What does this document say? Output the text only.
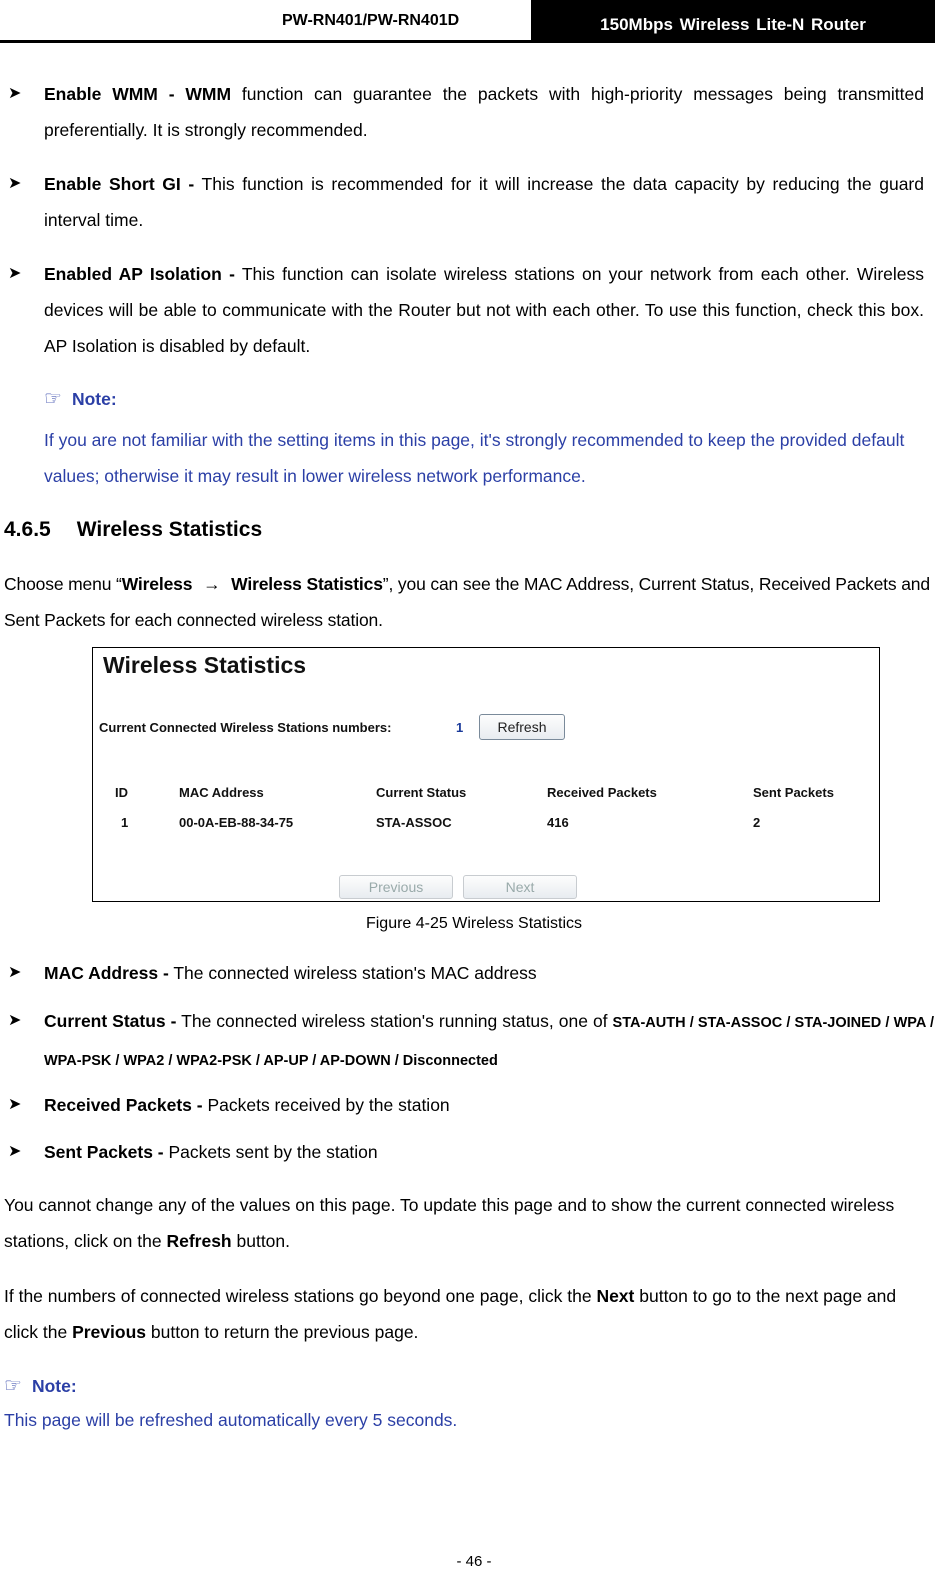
PW-RN401/PW-RN401D	150Mbps Wireless Lite-N Router
➤ Enable WMM - WMM function can guarantee the packets with high-priority messages being transmitted preferentially. It is strongly recommended.
➤ Enable Short GI - This function is recommended for it will increase the data capacity by reducing the guard interval time.
➤ Enabled AP Isolation - This function can isolate wireless stations on your network from each other. Wireless devices will be able to communicate with the Router but not with each other. To use this function, check this box. AP Isolation is disabled by default.
☞ Note:
If you are not familiar with the setting items in this page, it's strongly recommended to keep the provided default values; otherwise it may result in lower wireless network performance.
4.6.5 Wireless Statistics
Choose menu “Wireless → Wireless Statistics”, you can see the MAC Address, Current Status, Received Packets and Sent Packets for each connected wireless station.
Wireless Statistics
Current Connected Wireless Stations numbers:	1	Refresh
ID	MAC Address	Current Status	Received Packets	Sent Packets
1	00-0A-EB-88-34-75	STA-ASSOC	416	2
Previous	Next
Figure 4-25 Wireless Statistics
➤ MAC Address - The connected wireless station's MAC address
➤ Current Status - The connected wireless station's running status, one of STA-AUTH / STA-ASSOC / STA-JOINED / WPA / WPA-PSK / WPA2 / WPA2-PSK / AP-UP / AP-DOWN / Disconnected
➤ Received Packets - Packets received by the station
➤ Sent Packets - Packets sent by the station
You cannot change any of the values on this page. To update this page and to show the current connected wireless stations, click on the Refresh button.
If the numbers of connected wireless stations go beyond one page, click the Next button to go to the next page and click the Previous button to return the previous page.
☞ Note:
This page will be refreshed automatically every 5 seconds.
- 46 -
